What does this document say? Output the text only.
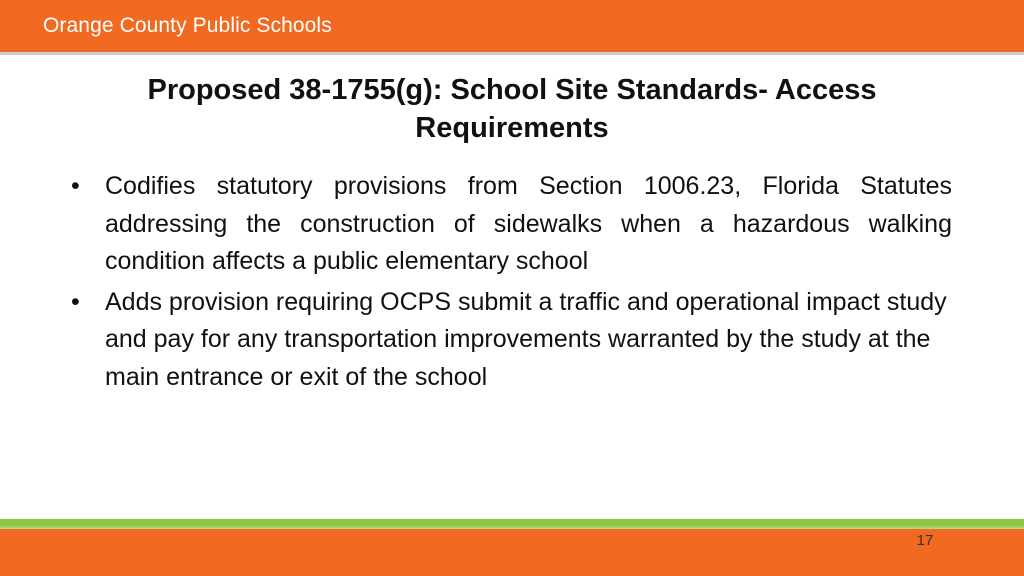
Orange County Public Schools
Proposed 38-1755(g): School Site Standards- Access Requirements
•	Codifies statutory provisions from Section 1006.23, Florida Statutes addressing the construction of sidewalks when a hazardous walking condition affects a public elementary school
•	Adds provision requiring OCPS submit a traffic and operational impact study and pay for any transportation improvements warranted by the study at the main entrance or exit of the school
17
